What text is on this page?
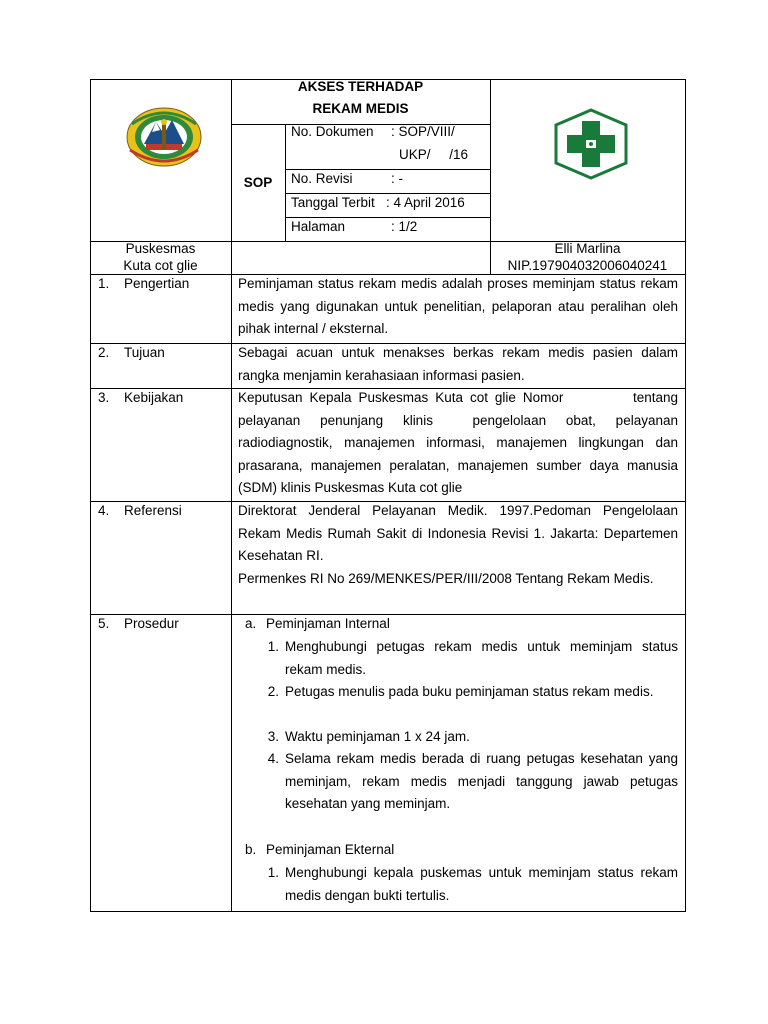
AKSES TERHADAP
REKAM MEDIS
SOP
No. Dokumen : SOP/VIII/
UKP/     /16
No. Revisi	: -
Tanggal Terbit : 4 April 2016
Halaman	: 1/2
Puskesmas
Kuta cot glie
Elli Marlina
NIP.197904032006040241
1. Pengertian	Peminjaman status rekam medis adalah proses meminjam status rekam medis yang digunakan untuk penelitian, pelaporan atau peralihan oleh pihak internal / eksternal.
2. Tujuan	Sebagai acuan untuk menakses berkas rekam medis pasien dalam rangka menjamin kerahasiaan informasi pasien.
3. Kebijakan	Keputusan Kepala Puskesmas Kuta cot glie Nomor          tentang pelayanan penunjang klinis  pengelolaan obat, pelayanan radiodiagnostik, manajemen informasi, manajemen lingkungan dan prasarana, manajemen peralatan, manajemen sumber daya manusia (SDM) klinis Puskesmas Kuta cot glie
4. Referensi	Direktorat Jenderal Pelayanan Medik. 1997.Pedoman Pengelolaan Rekam Medis Rumah Sakit di Indonesia Revisi 1. Jakarta: Departemen Kesehatan RI.
Permenkes RI No 269/MENKES/PER/III/2008 Tentang Rekam Medis.
5. Prosedur	a. Peminjaman Internal
1. Menghubungi petugas rekam medis untuk meminjam status rekam medis.
2. Petugas menulis pada buku peminjaman status rekam medis.
3. Waktu peminjaman 1 x 24 jam.
4. Selama rekam medis berada di ruang petugas kesehatan yang meminjam, rekam medis menjadi tanggung jawab petugas kesehatan yang meminjam.
b. Peminjaman Ekternal
1. Menghubungi kepala puskemas untuk meminjam status rekam medis dengan bukti tertulis.
